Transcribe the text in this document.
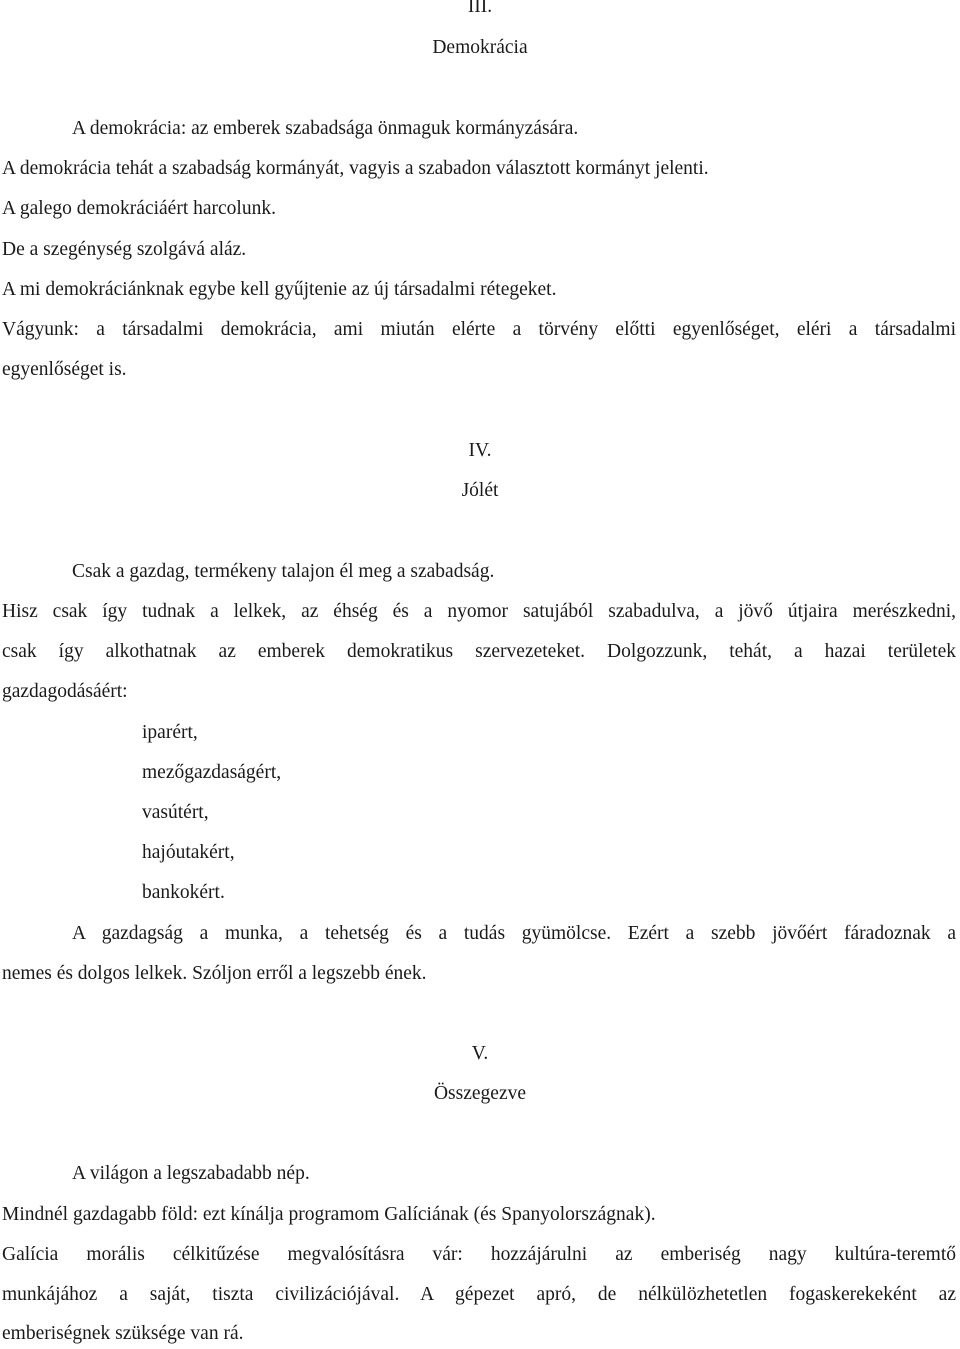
III.
Demokrácia
A demokrácia: az emberek szabadsága önmaguk kormányzására.
A demokrácia tehát a szabadság kormányát, vagyis a szabadon választott kormányt jelenti.
A galego demokráciáért harcolunk.
De a szegénység szolgává aláz.
A mi demokráciánknak egybe kell gyűjtenie az új társadalmi rétegeket.
Vágyunk: a társadalmi demokrácia, ami miután elérte a törvény előtti egyenlőséget, eléri a társadalmi
egyenlőséget is.
IV.
Jólét
Csak a gazdag, termékeny talajon él meg a szabadság.
Hisz csak így tudnak a lelkek, az éhség és a nyomor satujából szabadulva, a jövő útjaira merészkedni,
csak így alkothatnak az emberek demokratikus szervezeteket. Dolgozzunk, tehát, a hazai területek
gazdagodásáért:
iparért,
mezőgazdaságért,
vasútért,
hajóutakért,
bankokért.
A gazdagság a munka, a tehetség és a tudás gyümölcse. Ezért a szebb jövőért fáradoznak a
nemes és dolgos lelkek. Szóljon erről a legszebb ének.
V.
Összegezve
A világon a legszabadabb nép.
Mindnél gazdagabb föld: ezt kínálja programom Galíciának (és Spanyolországnak).
Galícia morális célkitűzése megvalósításra vár: hozzájárulni az emberiség nagy kultúra-teremtő
munkájához a saját, tiszta civilizációjával. A gépezet apró, de nélkülözhetetlen fogaskerekeként az
emberiségnek szüksége van rá.
